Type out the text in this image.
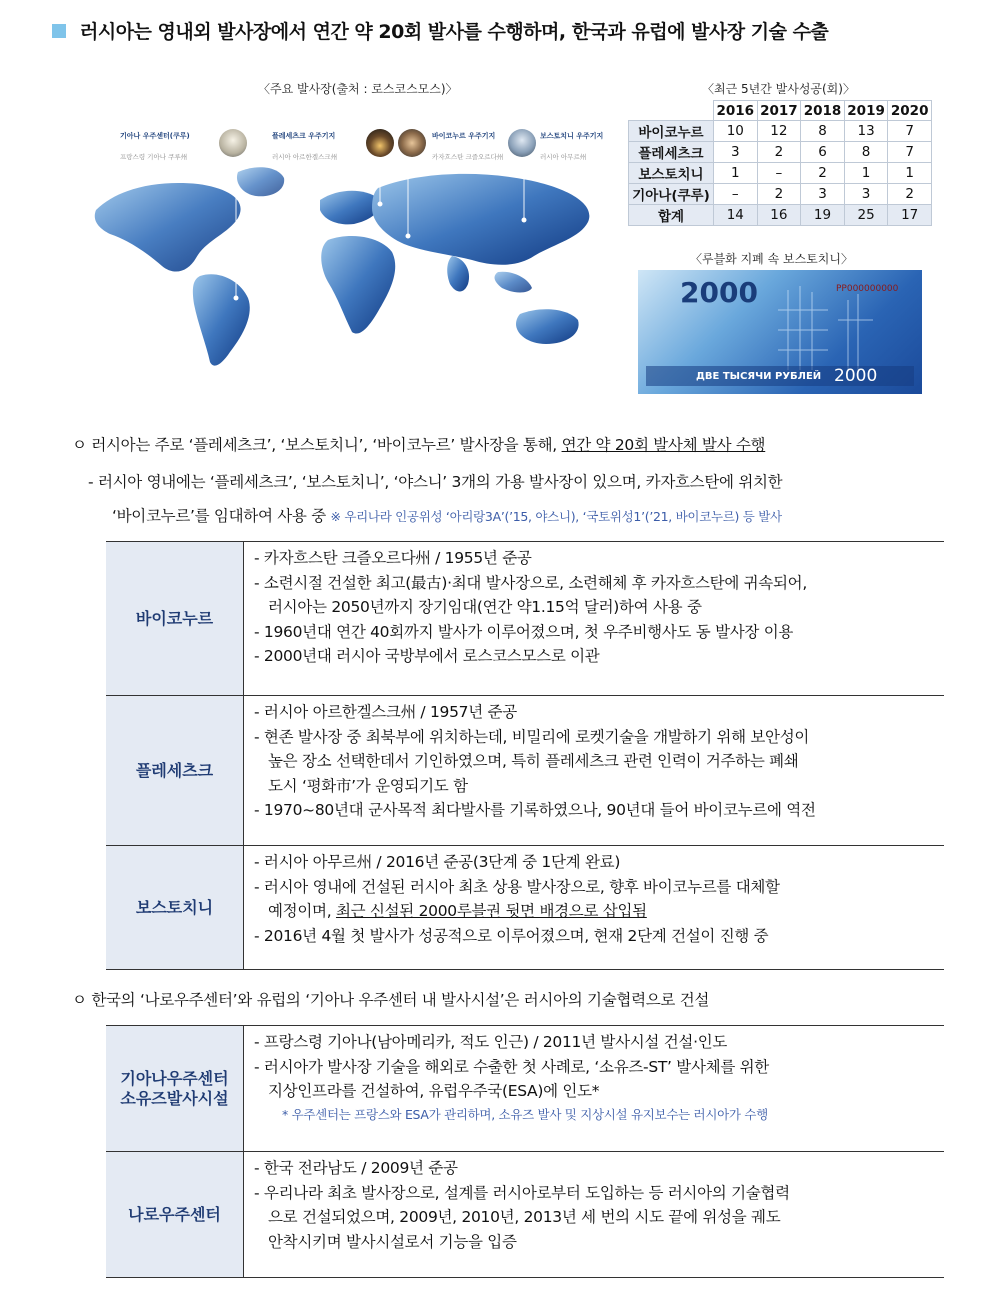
러시아는 영내외 발사장에서 연간 약 20회 발사를 수행하며, 한국과 유럽에 발사장 기술 수출
〈주요 발사장(출처 : 로스코스모스)〉
기아나 우주센터(쿠루)
프랑스령 기아나 쿠루州
플레세츠크 우주기지
러시아 아르한겔스크州
바이코누르 우주기지
카자흐스탄 크즐오르다州
보스토치니 우주기지
러시아 아무르州
〈최근 5년간 발사성공(회)〉
	2016	2017	2018	2019	2020
바이코누르	10	12	8	13	7
플레세츠크	3	2	6	8	7
보스토치니	1	–	2	1	1
기아나(쿠루)	–	2	3	3	2
합계	14	16	19	25	17
〈루블화 지폐 속 보스토치니〉
2000	PP000000000
ДВЕ ТЫСЯЧИ РУБЛЕЙ 2000
ㅇ 러시아는 주로 ‘플레세츠크’, ‘보스토치니’, ‘바이코누르’ 발사장을 통해, 연간 약 20회 발사체 발사 수행
- 러시아 영내에는 ‘플레세츠크’, ‘보스토치니’, ‘야스니’ 3개의 가용 발사장이 있으며, 카자흐스탄에 위치한
‘바이코누르’를 임대하여 사용 중 ※ 우리나라 인공위성 ‘아리랑3A’(’15, 야스니), ‘국토위성1’(’21, 바이코누르) 등 발사
바이코누르
- 카자흐스탄 크즐오르다州 / 1955년 준공
- 소련시절 건설한 최고(最古)·최대 발사장으로, 소련해체 후 카자흐스탄에 귀속되어,
러시아는 2050년까지 장기임대(연간 약1.15억 달러)하여 사용 중
- 1960년대 연간 40회까지 발사가 이루어졌으며, 첫 우주비행사도 동 발사장 이용
- 2000년대 러시아 국방부에서 로스코스모스로 이관
플레세츠크
- 러시아 아르한겔스크州 / 1957년 준공
- 현존 발사장 중 최북부에 위치하는데, 비밀리에 로켓기술을 개발하기 위해 보안성이
높은 장소 선택한데서 기인하였으며, 특히 플레세츠크 관련 인력이 거주하는 폐쇄
도시 ‘평화市’가 운영되기도 함
- 1970~80년대 군사목적 최다발사를 기록하였으나, 90년대 들어 바이코누르에 역전
보스토치니
- 러시아 아무르州 / 2016년 준공(3단계 중 1단계 완료)
- 러시아 영내에 건설된 러시아 최초 상용 발사장으로, 향후 바이코누르를 대체할
예정이며, 최근 신설된 2000루블권 뒷면 배경으로 삽입됨
- 2016년 4월 첫 발사가 성공적으로 이루어졌으며, 현재 2단계 건설이 진행 중
ㅇ 한국의 ‘나로우주센터’와 유럽의 ‘기아나 우주센터 내 발사시설’은 러시아의 기술협력으로 건설
기아나우주센터
소유즈발사시설
- 프랑스령 기아나(남아메리카, 적도 인근) / 2011년 발사시설 건설·인도
- 러시아가 발사장 기술을 해외로 수출한 첫 사례로, ‘소유즈-ST’ 발사체를 위한
지상인프라를 건설하여, 유럽우주국(ESA)에 인도*
* 우주센터는 프랑스와 ESA가 관리하며, 소유즈 발사 및 지상시설 유지보수는 러시아가 수행
나로우주센터
- 한국 전라남도 / 2009년 준공
- 우리나라 최초 발사장으로, 설계를 러시아로부터 도입하는 등 러시아의 기술협력
으로 건설되었으며, 2009년, 2010년, 2013년 세 번의 시도 끝에 위성을 궤도
안착시키며 발사시설로서 기능을 입증
